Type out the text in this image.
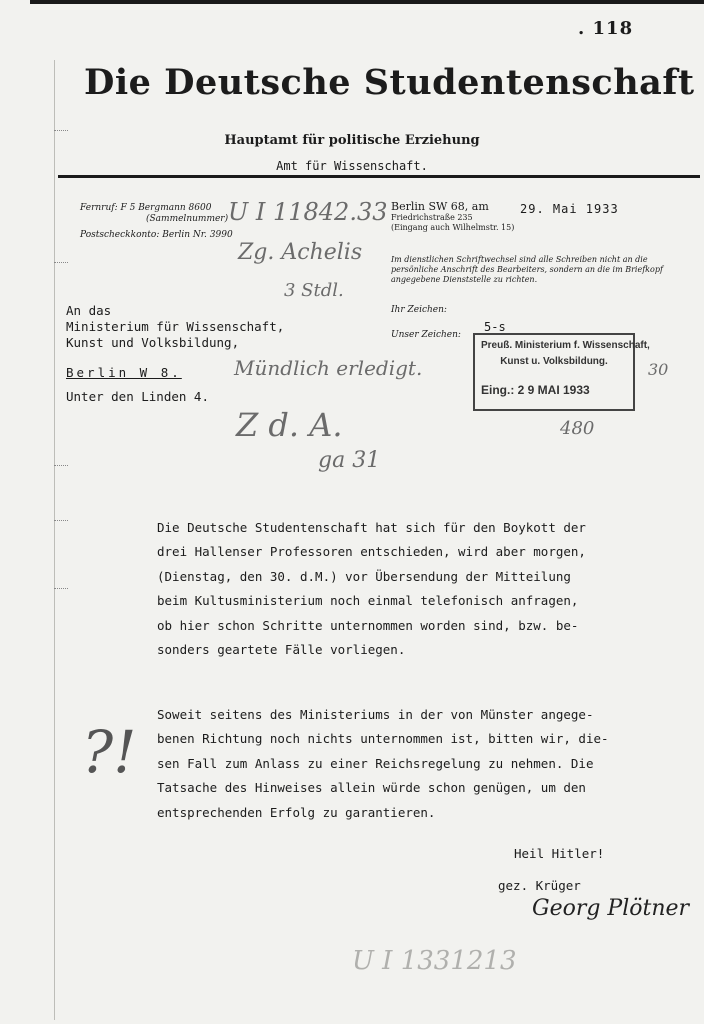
. 118
Die Deutsche Studentenschaft
Hauptamt für politische Erziehung
Amt für Wissenschaft.
Fernruf: F 5 Bergmann 8600
(Sammelnummer)
Postscheckkonto: Berlin Nr. 3990
Berlin SW 68, am
Friedrichstraße 235
(Eingang auch Wilhelmstr. 15)
29. Mai 1933
Im dienstlichen Schriftwechsel sind alle Schreiben nicht an die persönliche Anschrift des Bearbeiters, sondern an die im Briefkopf angegebene Dienststelle zu richten.
Ihr Zeichen:
Unser Zeichen:
5-s
Preuß. Ministerium f. Wissenschaft,
Kunst u. Volksbildung.
Eing.: 2 9 MAI 1933
An das
Ministerium für Wissenschaft,
Kunst und Volksbildung,
Berlin W 8.
Unter den Linden 4.
Die Deutsche Studentenschaft hat sich für den Boykott der
drei Hallenser Professoren entschieden, wird aber morgen,
(Dienstag, den 30. d.M.) vor Übersendung der Mitteilung
beim Kultusministerium noch einmal telefonisch anfragen,
ob hier schon Schritte unternommen worden sind, bzw. be-
sonders geartete Fälle vorliegen.
Soweit seitens des Ministeriums in der von Münster angege-
benen Richtung noch nichts unternommen ist, bitten wir, die-
sen Fall zum Anlass zu einer Reichsregelung zu nehmen. Die
Tatsache des Hinweises allein würde schon genügen, um den
entsprechenden Erfolg zu garantieren.
Heil Hitler!
gez. Krüger
U I 11842.33
Zg. Achelis
3 Stdl.
Mündlich erledigt.
Z d. A.
ga 31
30
480
?!
Georg Plötner
U I 1331213
